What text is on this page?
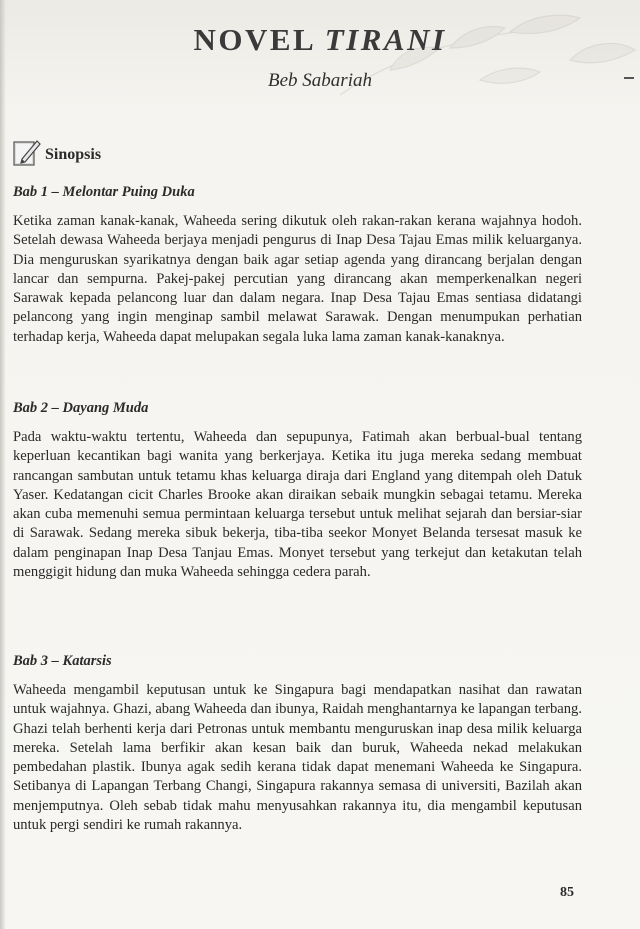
NOVEL TIRANI
Beb Sabariah
Sinopsis
Bab 1 – Melontar Puing Duka

Ketika zaman kanak-kanak, Waheeda sering dikutuk oleh rakan-rakan kerana wajahnya hodoh. Setelah dewasa Waheeda berjaya menjadi pengurus di Inap Desa Tajau Emas milik keluarganya. Dia menguruskan syarikatnya dengan baik agar setiap agenda yang dirancang berjalan dengan lancar dan sempurna. Pakej-pakej percutian yang dirancang akan memperkenalkan negeri Sarawak kepada pelancong luar dan dalam negara. Inap Desa Tajau Emas sentiasa didatangi pelancong yang ingin menginap sambil melawat Sarawak. Dengan menumpukan perhatian terhadap kerja, Waheeda dapat melupakan segala luka lama zaman kanak-kanaknya.

Bab 2 – Dayang Muda

Pada waktu-waktu tertentu, Waheeda dan sepupunya, Fatimah akan berbual-bual tentang keperluan kecantikan bagi wanita yang berkerjaya. Ketika itu juga mereka sedang membuat rancangan sambutan untuk tetamu khas keluarga diraja dari England yang ditempah oleh Datuk Yaser. Kedatangan cicit Charles Brooke akan diraikan sebaik mungkin sebagai tetamu. Mereka akan cuba memenuhi semua permintaan keluarga tersebut untuk melihat sejarah dan bersiar-siar di Sarawak. Sedang mereka sibuk bekerja, tiba-tiba seekor Monyet Belanda tersesat masuk ke dalam penginapan Inap Desa Tanjau Emas. Monyet tersebut yang terkejut dan ketakutan telah menggigit hidung dan muka Waheeda sehingga cedera parah.

Bab 3 – Katarsis

Waheeda mengambil keputusan untuk ke Singapura bagi mendapatkan nasihat dan rawatan untuk wajahnya. Ghazi, abang Waheeda dan ibunya, Raidah menghantarnya ke lapangan terbang. Ghazi telah berhenti kerja dari Petronas untuk membantu menguruskan inap desa milik keluarga mereka. Setelah lama berfikir akan kesan baik dan buruk, Waheeda nekad melakukan pembedahan plastik. Ibunya agak sedih kerana tidak dapat menemani Waheeda ke Singapura. Setibanya di Lapangan Terbang Changi, Singapura rakannya semasa di universiti, Bazilah akan menjemputnya. Oleh sebab tidak mahu menyusahkan rakannya itu, dia mengambil keputusan untuk pergi sendiri ke rumah rakannya.

85
